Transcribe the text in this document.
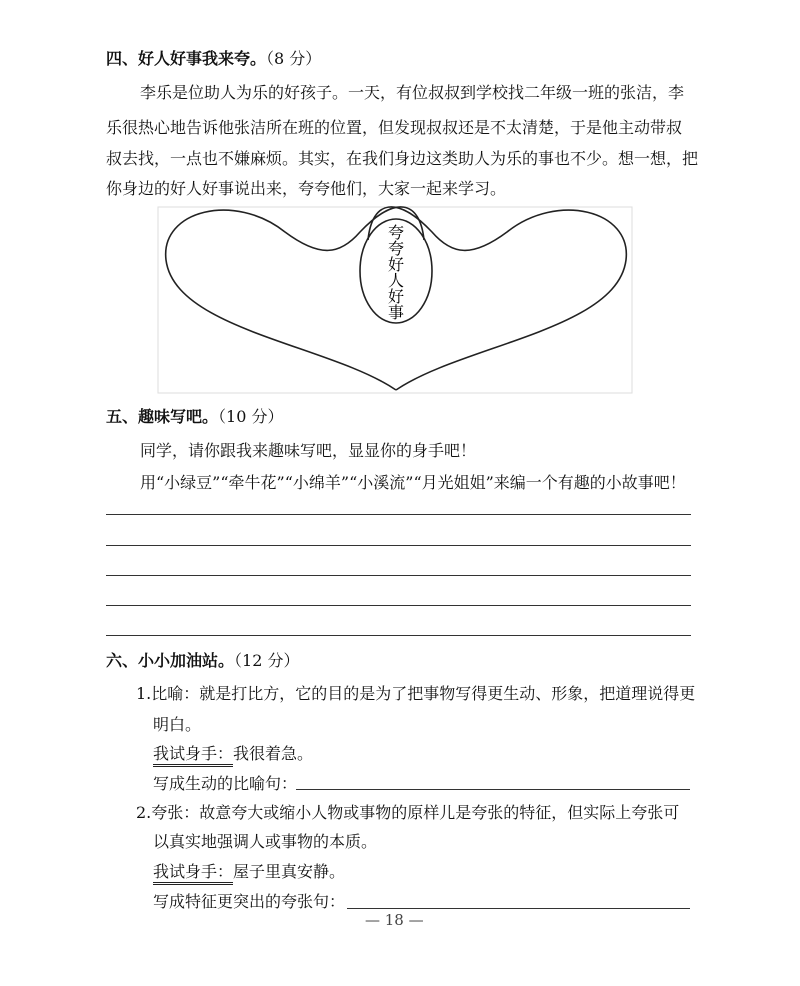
四、好人好事我来夸。（8 分）
李乐是位助人为乐的好孩子。一天，有位叔叔到学校找二年级一班的张洁，李
乐很热心地告诉他张洁所在班的位置，但发现叔叔还是不太清楚，于是他主动带叔
叔去找，一点也不嫌麻烦。其实，在我们身边这类助人为乐的事也不少。想一想，把
你身边的好人好事说出来，夸夸他们，大家一起来学习。
夸
夸
好
人
好
事
五、趣味写吧。（10 分）
同学，请你跟我来趣味写吧，显显你的身手吧！
用“小绿豆”“牵牛花”“小绵羊”“小溪流”“月光姐姐”来编一个有趣的小故事吧！
六、小小加油站。（12 分）
1.比喻：就是打比方，它的目的是为了把事物写得更生动、形象，把道理说得更
明白。
我试身手：我很着急。
写成生动的比喻句：
2.夸张：故意夸大或缩小人物或事物的原样儿是夸张的特征，但实际上夸张可
以真实地强调人或事物的本质。
我试身手：屋子里真安静。
写成特征更突出的夸张句：
— 18 —
